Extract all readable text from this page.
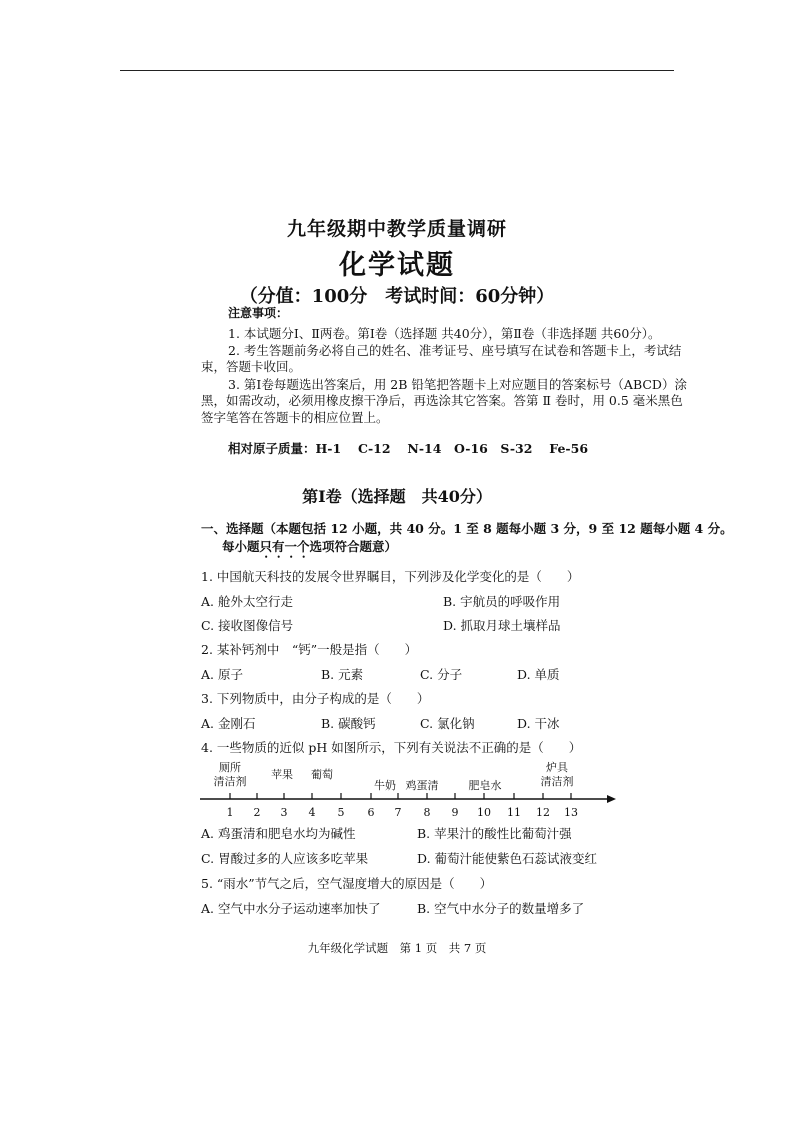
九年级期中教学质量调研
化学试题
（分值：100分　考试时间：60分钟）
注意事项：
1. 本试题分Ⅰ、Ⅱ两卷。第Ⅰ卷（选择题 共40分），第Ⅱ卷（非选择题 共60分）。
2. 考生答题前务必将自己的姓名、准考证号、座号填写在试卷和答题卡上，考试结
束，答题卡收回。
3. 第Ⅰ卷每题选出答案后，用 2B 铅笔把答题卡上对应题目的答案标号（ABCD）涂
黑，如需改动，必须用橡皮擦干净后，再选涂其它答案。答第 Ⅱ 卷时，用 0.5 毫米黑色
签字笔答在答题卡的相应位置上。
相对原子质量：H-1　 C-12　 N-14　O-16　S-32　 Fe-56
第Ⅰ卷（选择题　共40分）
一、选择题（本题包括 12 小题，共 40 分。1 至 8 题每小题 3 分，9 至 12 题每小题 4 分。
每小题只有一个选项符合题意）
1. 中国航天科技的发展令世界瞩目，下列涉及化学变化的是（　　）
A. 舱外太空行走	B. 宇航员的呼吸作用
C. 接收图像信号	D. 抓取月球土壤样品
2. 某补钙剂中　“钙”一般是指（　　）
A. 原子	B. 元素	C. 分子	D. 单质
3. 下列物质中，由分子构成的是（　　）
A. 金刚石	B. 碳酸钙	C. 氯化钠	D. 干冰
4. 一些物质的近似 pH 如图所示，下列有关说法不正确的是（　　）
厕所
清洁剂
苹果 葡萄
牛奶 鸡蛋清	肥皂水
炉具
清洁剂
1 2 3 4 5 6 7 8 9 10 11 12 13
A. 鸡蛋清和肥皂水均为碱性	B. 苹果汁的酸性比葡萄汁强
C. 胃酸过多的人应该多吃苹果	D. 葡萄汁能使紫色石蕊试液变红
5. “雨水”节气之后，空气湿度增大的原因是（　　）
A. 空气中水分子运动速率加快了	B. 空气中水分子的数量增多了
九年级化学试题　第 1 页　共 7 页
